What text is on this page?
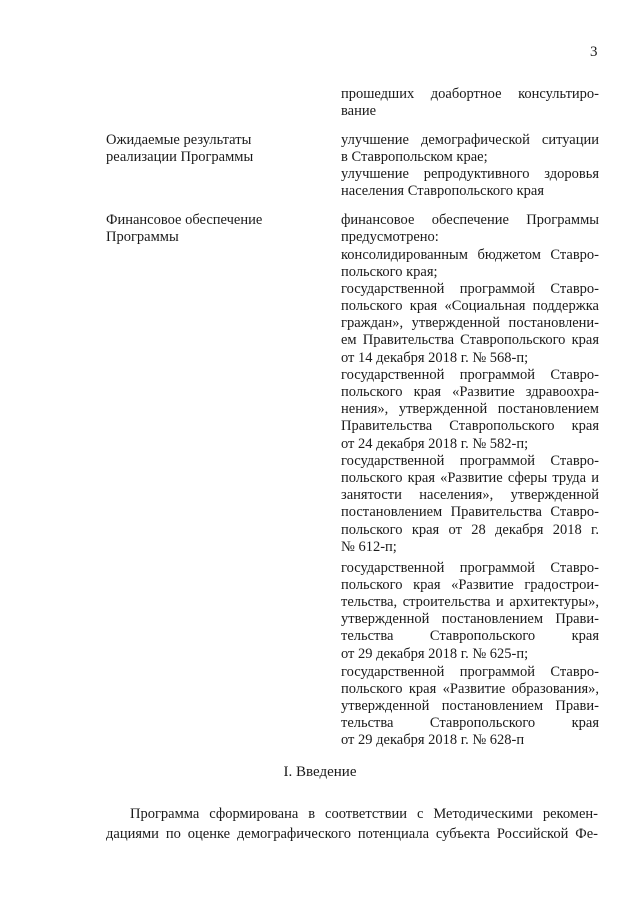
3
прошедших доабортное консультиро-
вание
Ожидаемые результаты
реализации Программы
улучшение демографической ситуации
в Ставропольском крае;
улучшение репродуктивного здоровья
населения Ставропольского края
Финансовое обеспечение
Программы
финансовое обеспечение Программы
предусмотрено:
консолидированным бюджетом Ставро-
польского края;
государственной программой Ставро-
польского края «Социальная поддержка
граждан», утвержденной постановлени-
ем Правительства Ставропольского края
от 14 декабря 2018 г. № 568-п;
государственной программой Ставро-
польского края «Развитие здравоохра-
нения», утвержденной постановлением
Правительства Ставропольского края
от 24 декабря 2018 г. № 582-п;
государственной программой Ставро-
польского края «Развитие сферы труда и
занятости населения», утвержденной
постановлением Правительства Ставро-
польского края от 28 декабря 2018 г.
№ 612-п;
государственной программой Ставро-
польского края «Развитие градострои-
тельства, строительства и архитектуры»,
утвержденной постановлением Прави-
тельства Ставропольского края
от 29 декабря 2018 г. № 625-п;
государственной программой Ставро-
польского края «Развитие образования»,
утвержденной постановлением Прави-
тельства Ставропольского края
от 29 декабря 2018 г. № 628-п
I. Введение
Программа сформирована в соответствии с Методическими рекомен-
дациями по оценке демографического потенциала субъекта Российской Фе-
